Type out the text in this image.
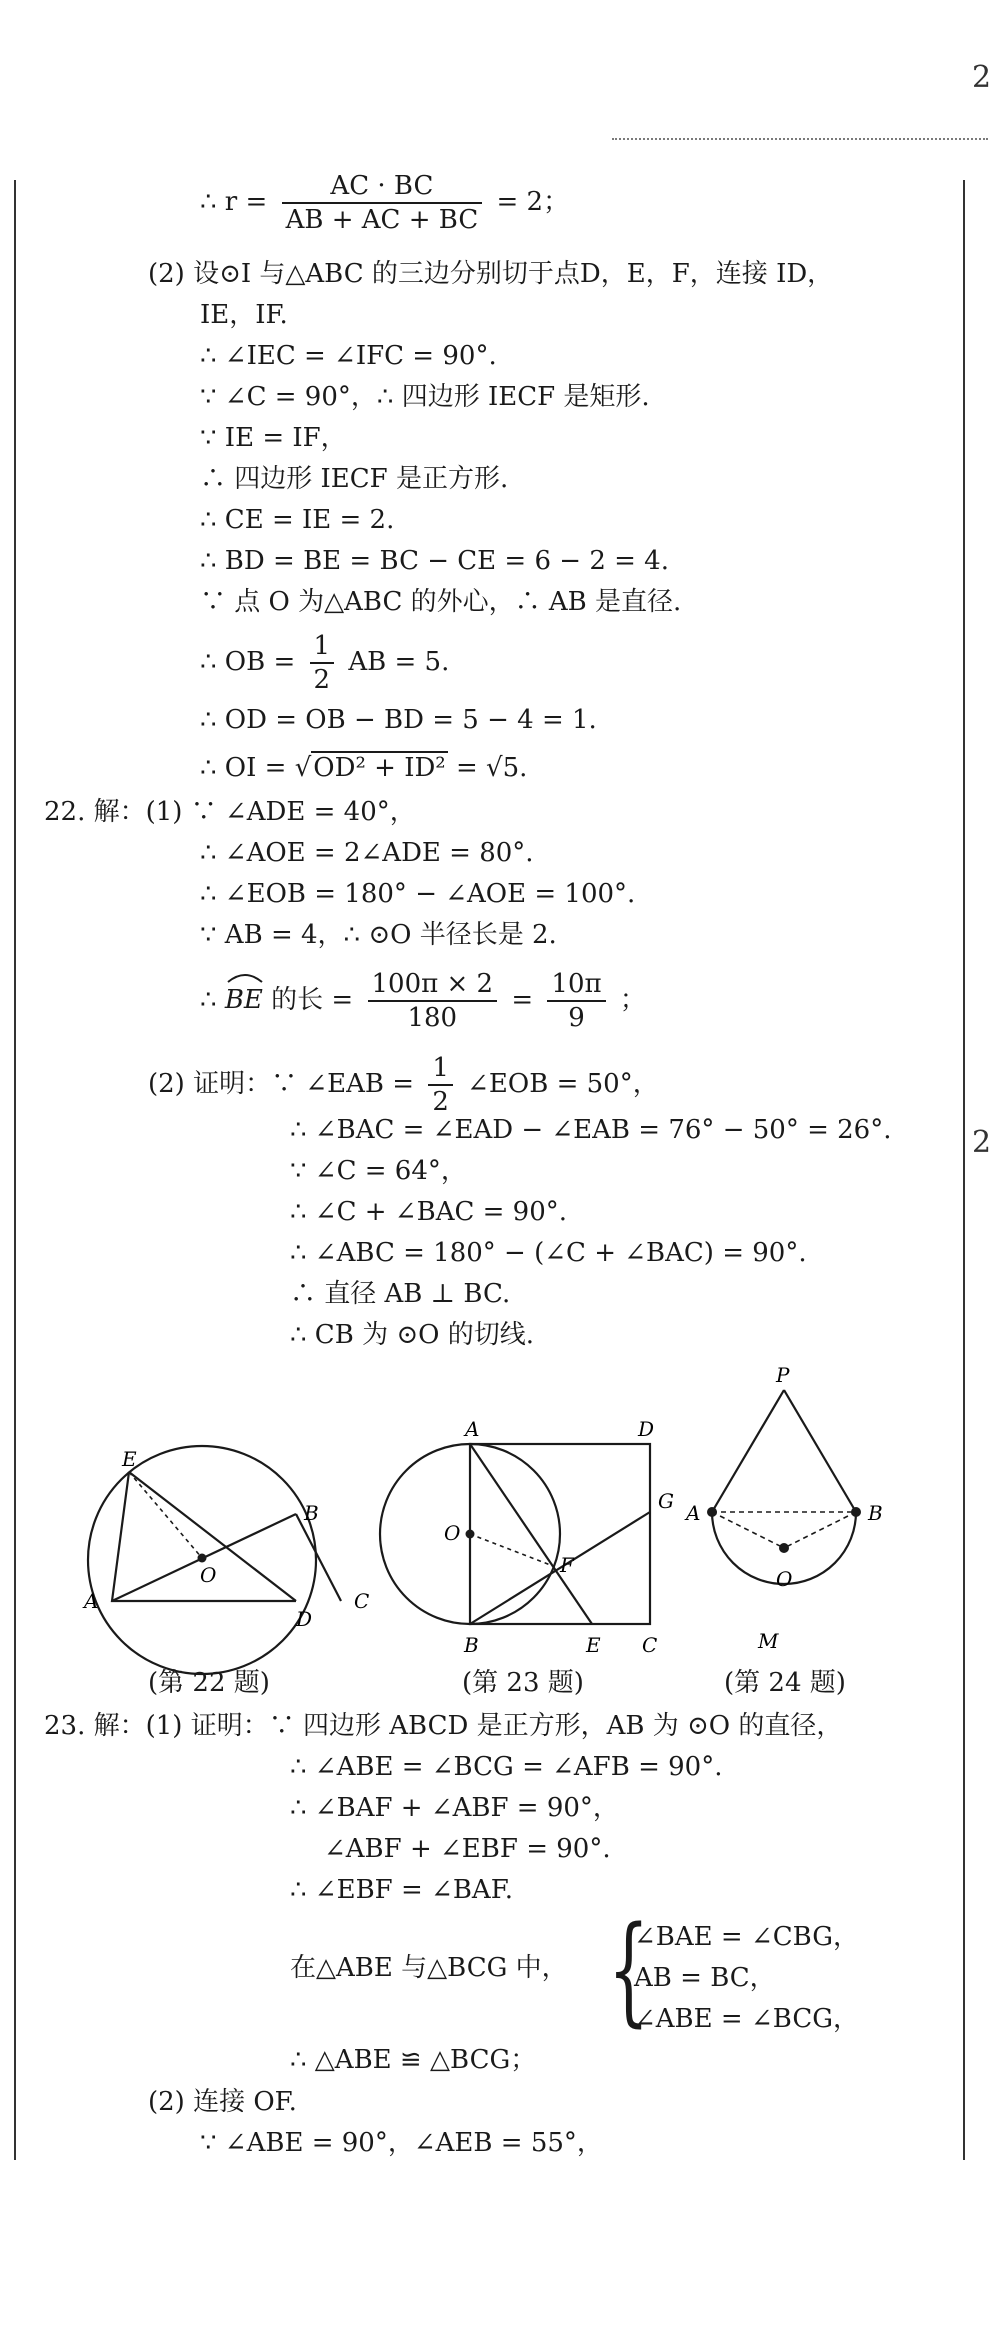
2
2
∴ $r = \frac{AC \cdot BC}{AB + AC + BC} = 2$；
(2) 设⊙I 与△ABC 的三边分别切于点D，E，F，连接 ID，
IE，IF.
∴ ∠IEC = ∠IFC = 90°.
∵ ∠C = 90°，∴ 四边形 IECF 是矩形.
∵ IE = IF，
∴ 四边形 IECF 是正方形.
∴ CE = IE = 2.
∴ BD = BE = BC − CE = 6 − 2 = 4.
∵ 点 O 为△ABC 的外心，∴ AB 是直径.
∴ OB = $\frac{1}{2}$ AB = 5.
∴ OD = OB − BD = 5 − 4 = 1.
∴ OI = √OD² + ID² = √5.
22. 解：(1) ∵ ∠ADE = 40°，
∴ ∠AOE = 2∠ADE = 80°.
∴ ∠EOB = 180° − ∠AOE = 100°.
∵ AB = 4，∴ ⊙O 半径长是 2.
∴ BE 的长 = $\frac{100\pi \times 2}{180} = \frac{10\pi}{9}$ ；
(2) 证明：∵ ∠EAB = $\frac{1}{2}$ ∠EOB = 50°，
∴ ∠BAC = ∠EAD − ∠EAB = 76° − 50° = 26°.
∵ ∠C = 64°，
∴ ∠C + ∠BAC = 90°.
∴ ∠ABC = 180° − (∠C + ∠BAC) = 90°.
∴ 直径 AB ⊥ BC.
∴ CB 为 ⊙O 的切线.
E
B
O
A
D
C
A	D
G
O
F
B	E C
P
A	B
O
M
(第 22 题)	(第 23 题)	(第 24 题)
23. 解：(1) 证明：∵ 四边形 ABCD 是正方形，AB 为 ⊙O 的直径，
∴ ∠ABE = ∠BCG = ∠AFB = 90°.
∴ ∠BAF + ∠ABF = 90°，
∠ABF + ∠EBF = 90°.
∴ ∠EBF = ∠BAF.
在△ABE 与△BCG 中， {
∠BAE = ∠CBG，
AB = BC，
∠ABE = ∠BCG，
∴ △ABE ≌ △BCG；
(2) 连接 OF.
∵ ∠ABE = 90°，∠AEB = 55°，
